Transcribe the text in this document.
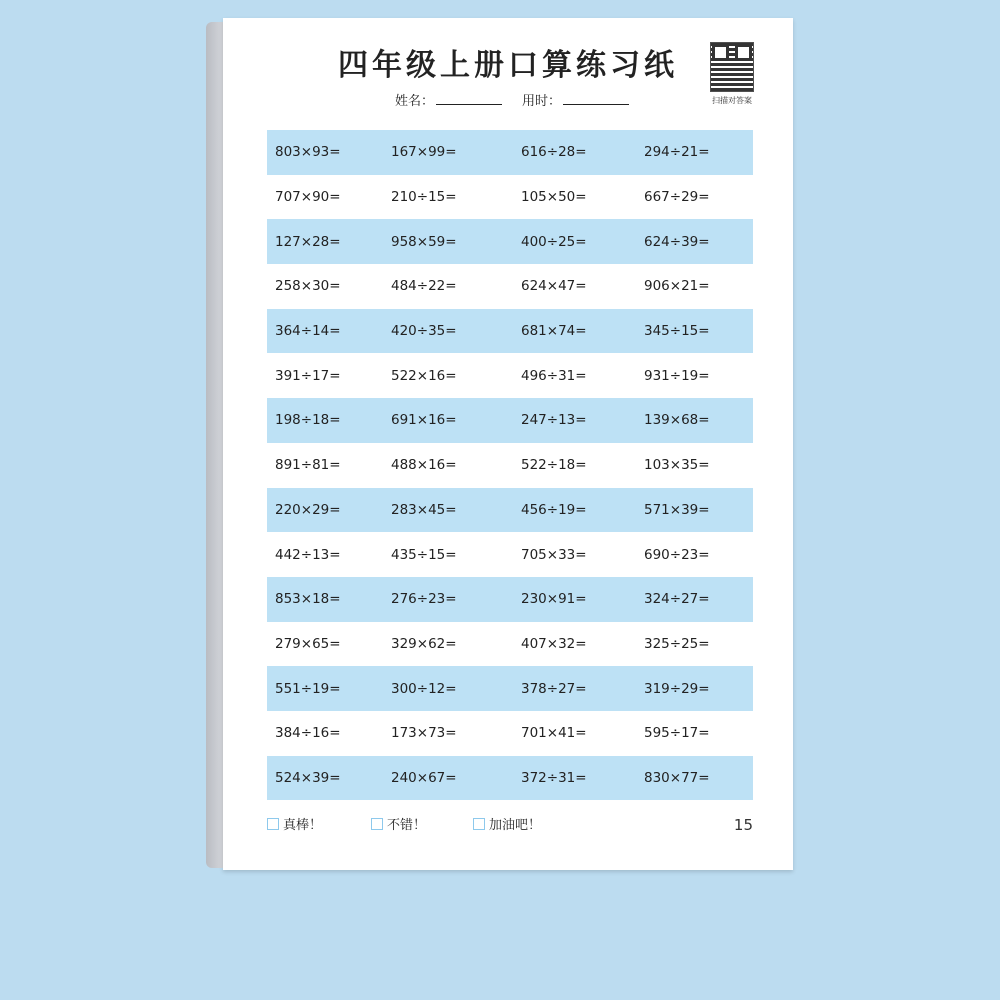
四年级上册口算练习纸
姓名：	用时：	扫描对答案
803×93=	167×99=	616÷28=	294÷21=
707×90=	210÷15=	105×50=	667÷29=
127×28=	958×59=	400÷25=	624÷39=
258×30=	484÷22=	624×47=	906×21=
364÷14=	420÷35=	681×74=	345÷15=
391÷17=	522×16=	496÷31=	931÷19=
198÷18=	691×16=	247÷13=	139×68=
891÷81=	488×16=	522÷18=	103×35=
220×29=	283×45=	456÷19=	571×39=
442÷13=	435÷15=	705×33=	690÷23=
853×18=	276÷23=	230×91=	324÷27=
279×65=	329×62=	407×32=	325÷25=
551÷19=	300÷12=	378÷27=	319÷29=
384÷16=	173×73=	701×41=	595÷17=
524×39=	240×67=	372÷31=	830×77=
真棒！	不错！	加油吧！	15
